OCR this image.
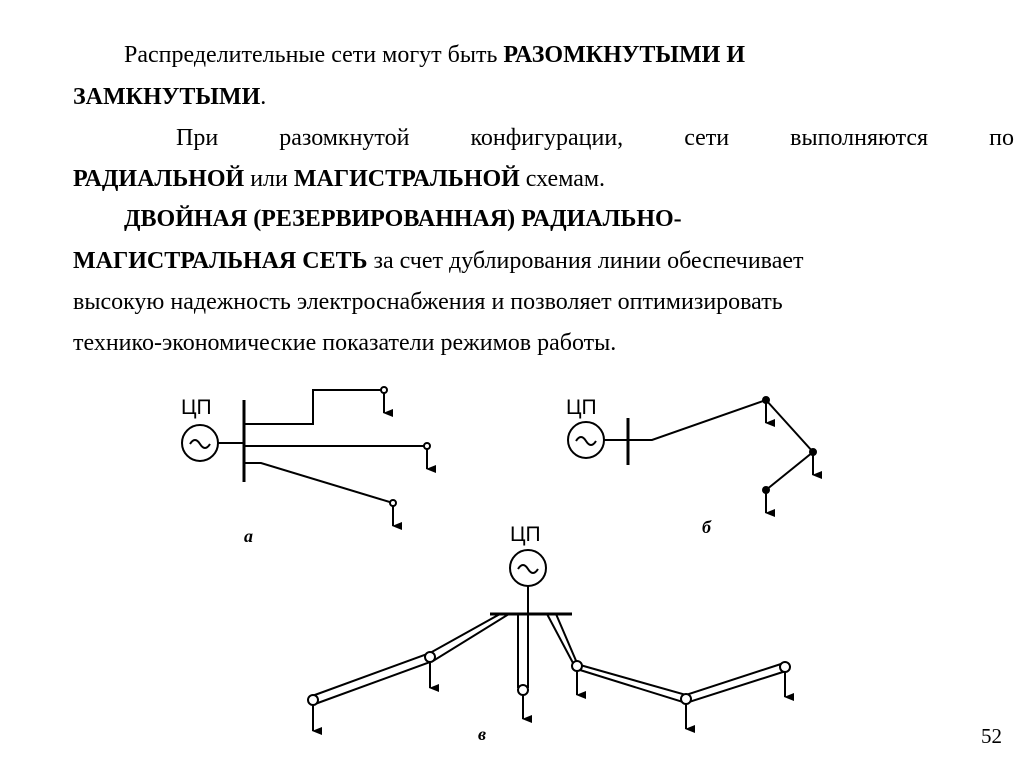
Распределительные сети могут быть РАЗОМКНУТЫМИ И
ЗАМКНУТЫМИ.
При	разомкнутой	конфигурации,	сети	выполняются	по
РАДИАЛЬНОЙ или МАГИСТРАЛЬНОЙ схемам.
ДВОЙНАЯ (РЕЗЕРВИРОВАННАЯ) РАДИАЛЬНО-
МАГИСТРАЛЬНАЯ СЕТЬ за счет дублирования линии обеспечивает
высокую надежность электроснабжения и позволяет оптимизировать
технико-экономические показатели режимов работы.
ЦП
а
ЦП
б
ЦП
в	52
